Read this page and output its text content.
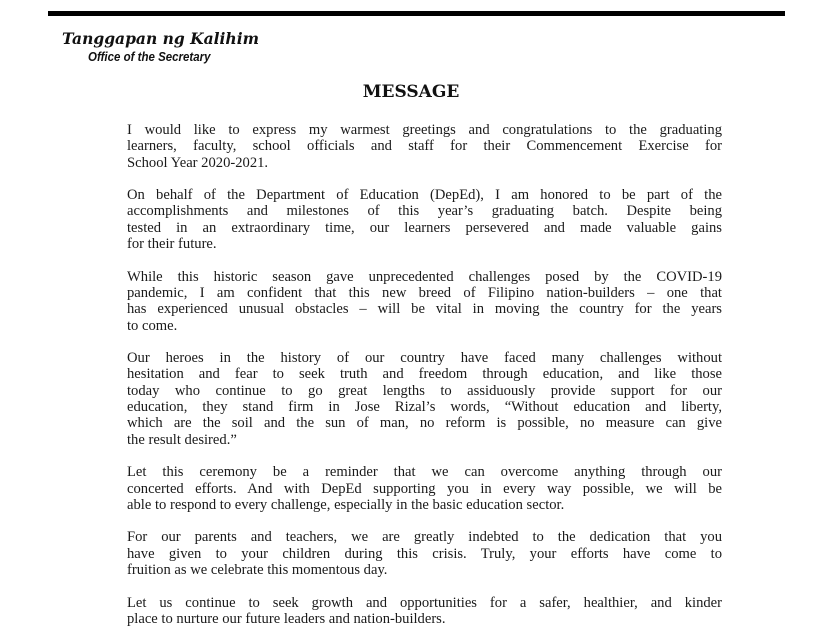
Tanggapan ng Kalihim
Office of the Secretary
MESSAGE
I would like to express my warmest greetings and congratulations to the graduating
learners, faculty, school officials and staff for their Commencement Exercise for
School Year 2020-2021.
On behalf of the Department of Education (DepEd), I am honored to be part of the
accomplishments and milestones of this year’s graduating batch. Despite being
tested in an extraordinary time, our learners persevered and made valuable gains
for their future.
While this historic season gave unprecedented challenges posed by the COVID-19
pandemic, I am confident that this new breed of Filipino nation-builders – one that
has experienced unusual obstacles – will be vital in moving the country for the years
to come.
Our heroes in the history of our country have faced many challenges without
hesitation and fear to seek truth and freedom through education, and like those
today who continue to go great lengths to assiduously provide support for our
education, they stand firm in Jose Rizal’s words, “Without education and liberty,
which are the soil and the sun of man, no reform is possible, no measure can give
the result desired.”
Let this ceremony be a reminder that we can overcome anything through our
concerted efforts. And with DepEd supporting you in every way possible, we will be
able to respond to every challenge, especially in the basic education sector.
For our parents and teachers, we are greatly indebted to the dedication that you
have given to your children during this crisis. Truly, your efforts have come to
fruition as we celebrate this momentous day.
Let us continue to seek growth and opportunities for a safer, healthier, and kinder
place to nurture our future leaders and nation-builders.
